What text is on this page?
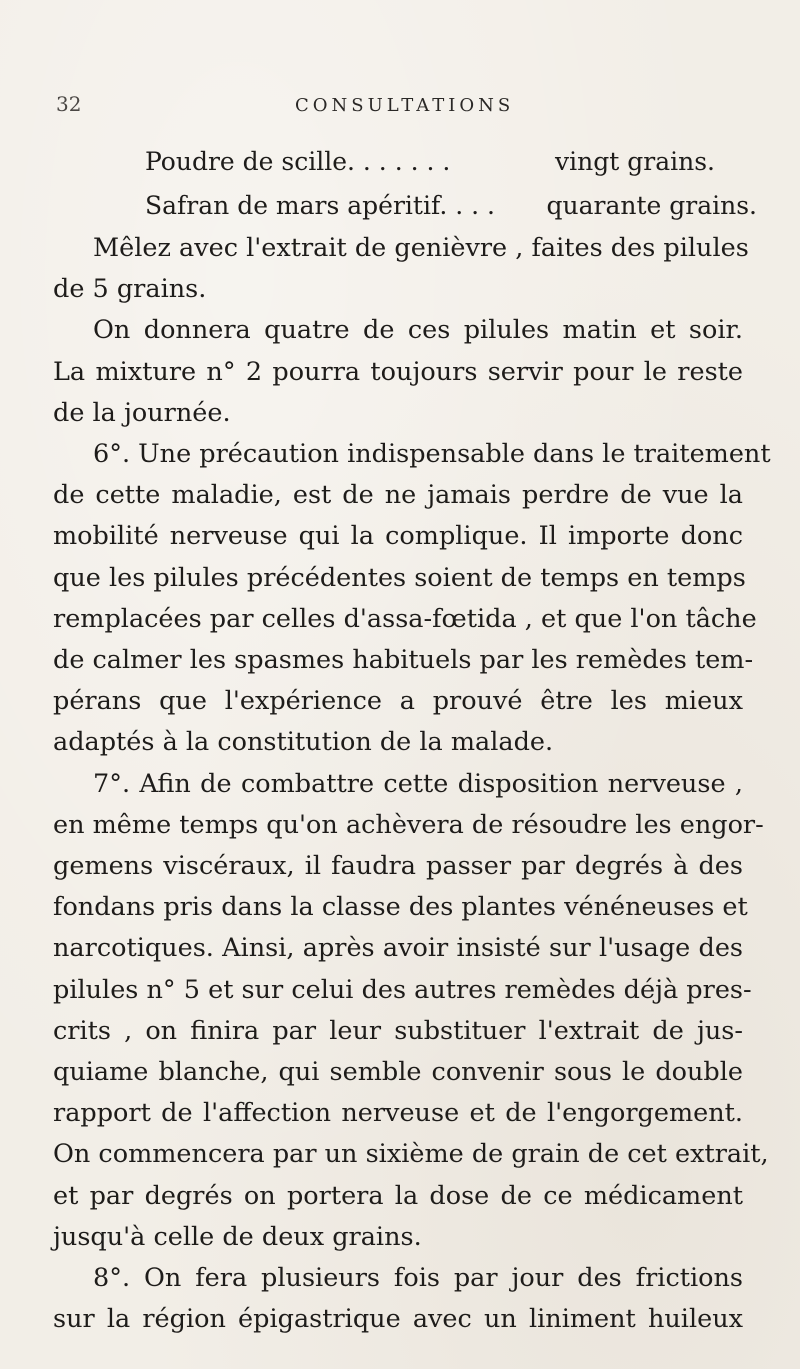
32	CONSULTATIONS
Poudre de scille. . . . . . .	vingt grains.
Safran de mars apéritif. . . . quarante grains.

Mêlez avec l'extrait de genièvre , faites des pilules
de 5 grains.

On donnera quatre de ces pilules matin et soir.
La mixture n° 2 pourra toujours servir pour le reste
de la journée.

6°. Une précaution indispensable dans le traitement
de cette maladie, est de ne jamais perdre de vue la
mobilité nerveuse qui la complique. Il importe donc
que les pilules précédentes soient de temps en temps
remplacées par celles d'assa-fœtida , et que l'on tâche
de calmer les spasmes habituels par les remèdes tem-
pérans que l'expérience a prouvé être les mieux
adaptés à la constitution de la malade.

7°. Afin de combattre cette disposition nerveuse ,
en même temps qu'on achèvera de résoudre les engor-
gemens viscéraux, il faudra passer par degrés à des
fondans pris dans la classe des plantes vénéneuses et
narcotiques. Ainsi, après avoir insisté sur l'usage des
pilules n° 5 et sur celui des autres remèdes déjà pres-
crits , on finira par leur substituer l'extrait de jus-
quiame blanche, qui semble convenir sous le double
rapport de l'affection nerveuse et de l'engorgement.
On commencera par un sixième de grain de cet extrait,
et par degrés on portera la dose de ce médicament
jusqu'à celle de deux grains.

8°. On fera plusieurs fois par jour des frictions
sur la région épigastrique avec un liniment huileux
